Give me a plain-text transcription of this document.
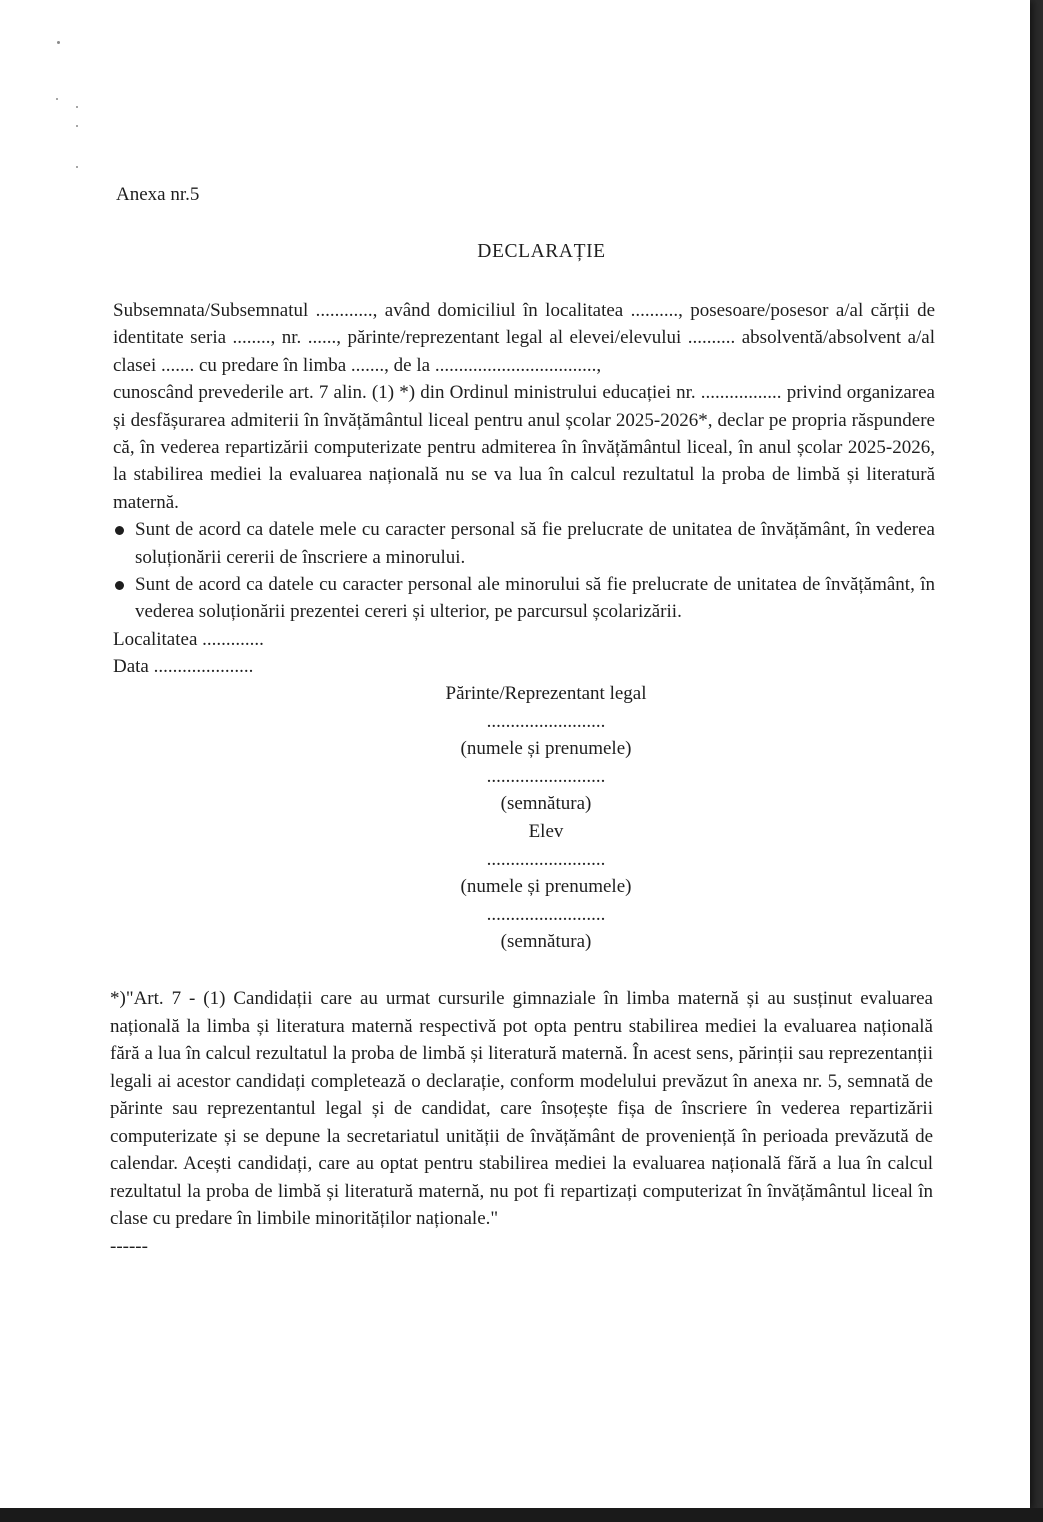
Anexa nr.5

DECLARAȚIE

Subsemnata/Subsemnatul ............, având domiciliul în localitatea .........., posesoare/posesor a/al cărții de identitate seria ........, nr. ......, părinte/reprezentant legal al elevei/elevului .......... absolventă/absolvent a/al clasei ....... cu predare în limba ......., de la ..................................,

cunoscând prevederile art. 7 alin. (1) *) din Ordinul ministrului educației nr. ................. privind organizarea și desfășurarea admiterii în învățământul liceal pentru anul școlar 2025-2026*, declar pe propria răspundere că, în vederea repartizării computerizate pentru admiterea în învățământul liceal, în anul școlar 2025-2026, la stabilirea mediei la evaluarea națională nu se va lua în calcul rezultatul la proba de limbă și literatură maternă.

Sunt de acord ca datele mele cu caracter personal să fie prelucrate de unitatea de învățământ, în vederea soluționării cererii de înscriere a minorului.

Sunt de acord ca datele cu caracter personal ale minorului să fie prelucrate de unitatea de învățământ, în vederea soluționării prezentei cereri și ulterior, pe parcursul școlarizării.

Localitatea .............

Data .....................

Părinte/Reprezentant legal
.........................
(numele și prenumele)
.........................
(semnătura)
Elev
.........................
(numele și prenumele)
.........................
(semnătura)

*)"Art. 7 - (1) Candidații care au urmat cursurile gimnaziale în limba maternă și au susținut evaluarea națională la limba și literatura maternă respectivă pot opta pentru stabilirea mediei la evaluarea națională fără a lua în calcul rezultatul la proba de limbă și literatură maternă. În acest sens, părinții sau reprezentanții legali ai acestor candidați completează o declarație, conform modelului prevăzut în anexa nr. 5, semnată de părinte sau reprezentantul legal și de candidat, care însoțește fișa de înscriere în vederea repartizării computerizate și se depune la secretariatul unității de învățământ de proveniență în perioada prevăzută de calendar. Acești candidați, care au optat pentru stabilirea mediei la evaluarea națională fără a lua în calcul rezultatul la proba de limbă și literatură maternă, nu pot fi repartizați computerizat în învățământul liceal în clase cu predare în limbile minorităților naționale."

------
